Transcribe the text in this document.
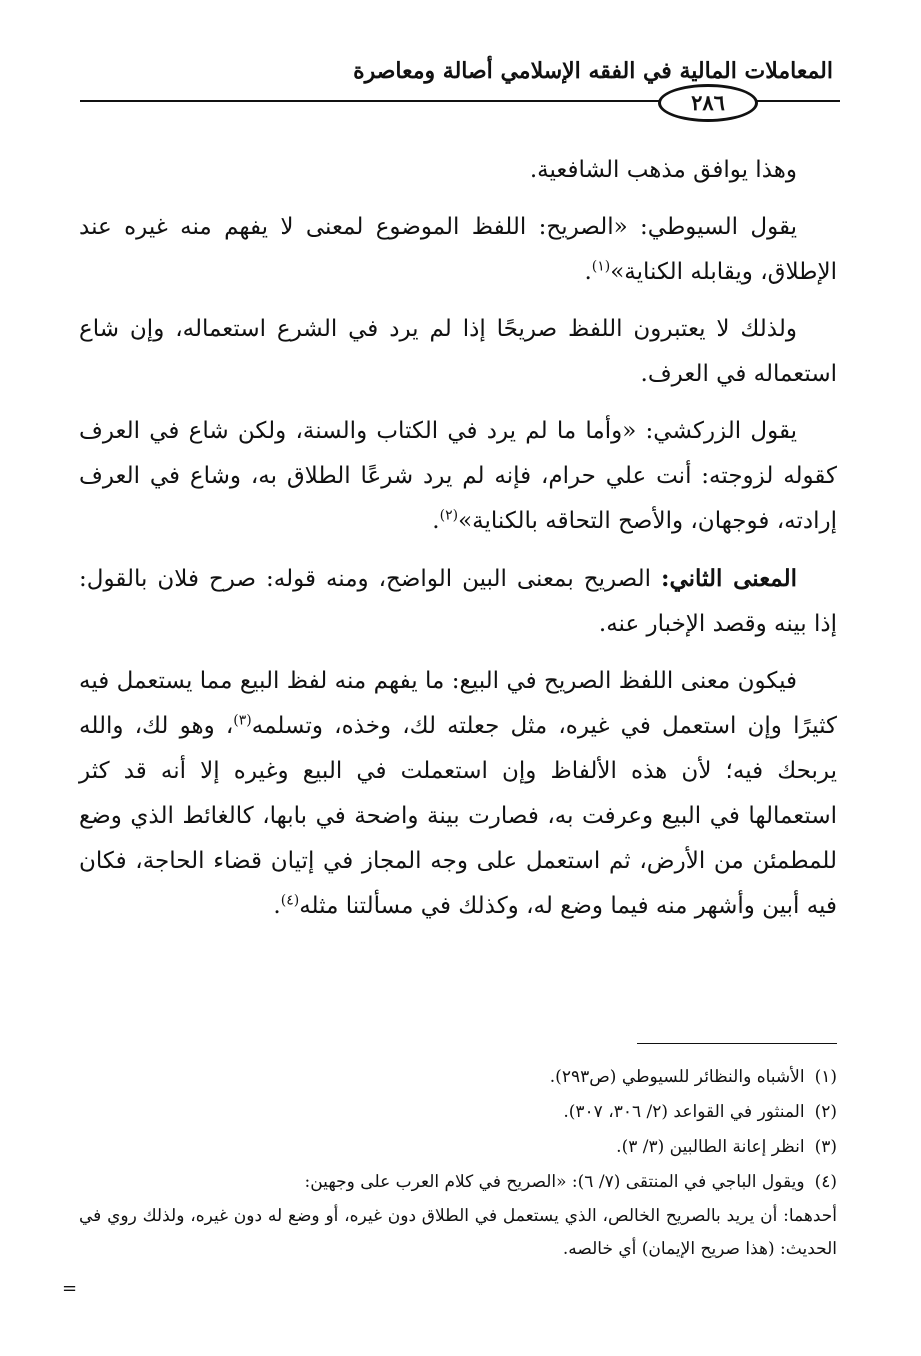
المعاملات المالية في الفقه الإسلامي أصالة ومعاصرة
٢٨٦

وهذا يوافق مذهب الشافعية.

يقول السيوطي: «الصريح: اللفظ الموضوع لمعنى لا يفهم منه غيره عند الإطلاق، ويقابله الكناية»$^{(١)}$.

ولذلك لا يعتبرون اللفظ صريحًا إذا لم يرد في الشرع استعماله، وإن شاع استعماله في العرف.

يقول الزركشي: «وأما ما لم يرد في الكتاب والسنة، ولكن شاع في العرف كقوله لزوجته: أنت علي حرام، فإنه لم يرد شرعًا الطلاق به، وشاع في العرف إرادته، فوجهان، والأصح التحاقه بالكناية»$^{(٢)}$.

المعنى الثاني: الصريح بمعنى البين الواضح، ومنه قوله: صرح فلان بالقول: إذا بينه وقصد الإخبار عنه.

فيكون معنى اللفظ الصريح في البيع: ما يفهم منه لفظ البيع مما يستعمل فيه كثيرًا وإن استعمل في غيره، مثل جعلته لك، وخذه، وتسلمه$^{(٣)}$، وهو لك، والله يربحك فيه؛ لأن هذه الألفاظ وإن استعملت في البيع وغيره إلا أنه قد كثر استعمالها في البيع وعرفت به، فصارت بينة واضحة في بابها، كالغائط الذي وضع للمطمئن من الأرض، ثم استعمل على وجه المجاز في إتيان قضاء الحاجة، فكان فيه أبين وأشهر منه فيما وضع له، وكذلك في مسألتنا مثله$^{(٤)}$.

(١)الأشباه والنظائر للسيوطي (ص٢٩٣).

(٢)المنثور في القواعد (٢/ ٣٠٦، ٣٠٧).

(٣)انظر إعانة الطالبين (٣/ ٣).

(٤)ويقول الباجي في المنتقى (٧/ ٦): «الصريح في كلام العرب على وجهين:

أحدهما: أن يريد بالصريح الخالص، الذي يستعمل في الطلاق دون غيره، أو وضع له دون غيره، ولذلك روي في الحديث: (هذا صريح الإيمان) أي خالصه.

=
